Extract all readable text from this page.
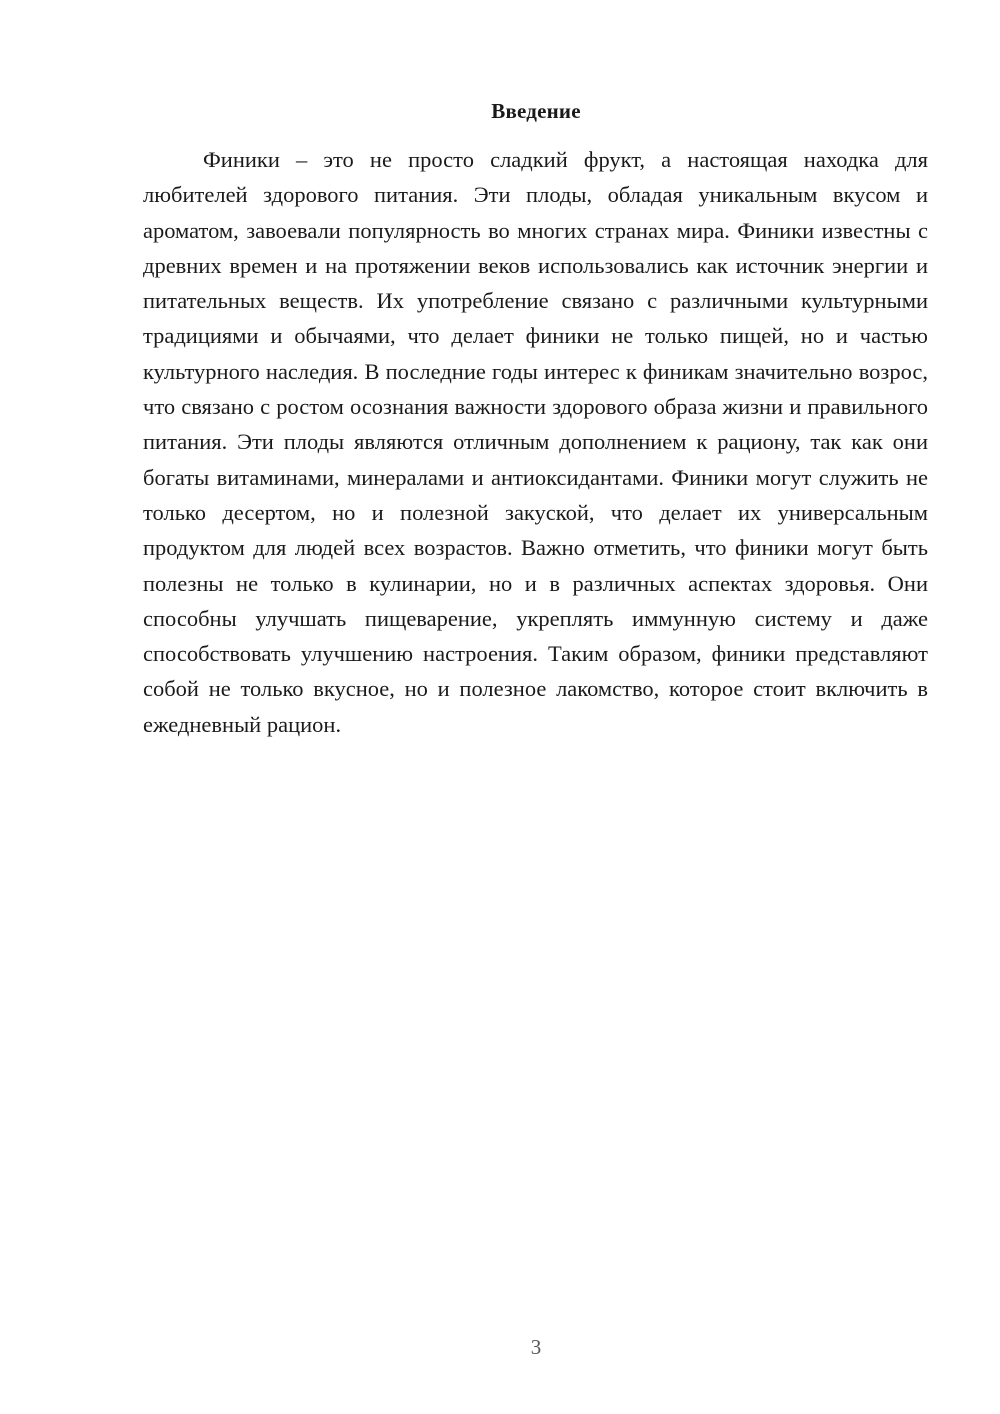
Введение

Финики – это не просто сладкий фрукт, а настоящая находка для любителей здорового питания. Эти плоды, обладая уникальным вкусом и ароматом, завоевали популярность во многих странах мира. Финики известны с древних времен и на протяжении веков использовались как источник энергии и питательных веществ. Их употребление связано с различными культурными традициями и обычаями, что делает финики не только пищей, но и частью культурного наследия. В последние годы интерес к финикам значительно возрос, что связано с ростом осознания важности здорового образа жизни и правильного питания. Эти плоды являются отличным дополнением к рациону, так как они богаты витаминами, минералами и антиоксидантами. Финики могут служить не только десертом, но и полезной закуской, что делает их универсальным продуктом для людей всех возрастов. Важно отметить, что финики могут быть полезны не только в кулинарии, но и в различных аспектах здоровья. Они способны улучшать пищеварение, укреплять иммунную систему и даже способствовать улучшению настроения. Таким образом, финики представляют собой не только вкусное, но и полезное лакомство, которое стоит включить в ежедневный рацион.

3
